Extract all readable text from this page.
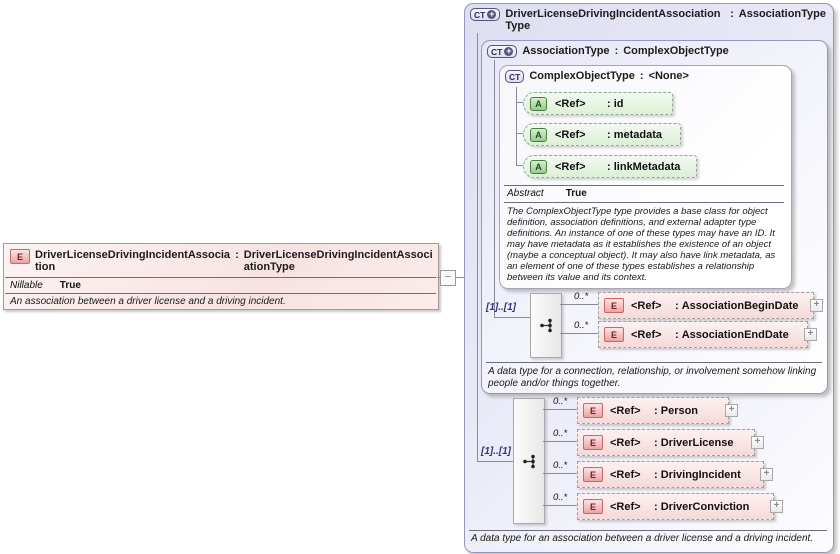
E	DriverLicenseDrivingIncidentAssociation
: DriverLicenseDrivingIncidentAssociationType
Nillable True
An association between a driver license and a driving incident.
−
CT + DriverLicenseDrivingIncidentAssociationType
: AssociationType
CT + AssociationType : ComplexObjectType
CT ComplexObjectType : <None>
A	<Ref>	:
id
A	<Ref>	:
metadata
A	<Ref>	:
linkMetadata
Abstract True
The ComplexObjectType type provides a base class for object definition, association definitions, and external adapter type definitions. An instance of one of these types may have an ID. It may have metadata as it establishes the existence of an object (maybe a conceptual object). It may also have link metadata, as an element of one of these types establishes a relationship between its value and its context.
[1]..[1]
0..*
0..*
E	<Ref>	:
AssociationBeginDate	+
E	<Ref>	:
AssociationEndDate	+
A data type for a connection, relationship, or involvement somehow linking people and/or things together.
[1]..[1]
0..*
0..*
0..*
0..*
E	<Ref>	:
Person	+
E	<Ref>	:
DriverLicense	+
E	<Ref>	:
DrivingIncident	+
E	<Ref>	:
DriverConviction	+
A data type for an association between a driver license and a driving incident.
